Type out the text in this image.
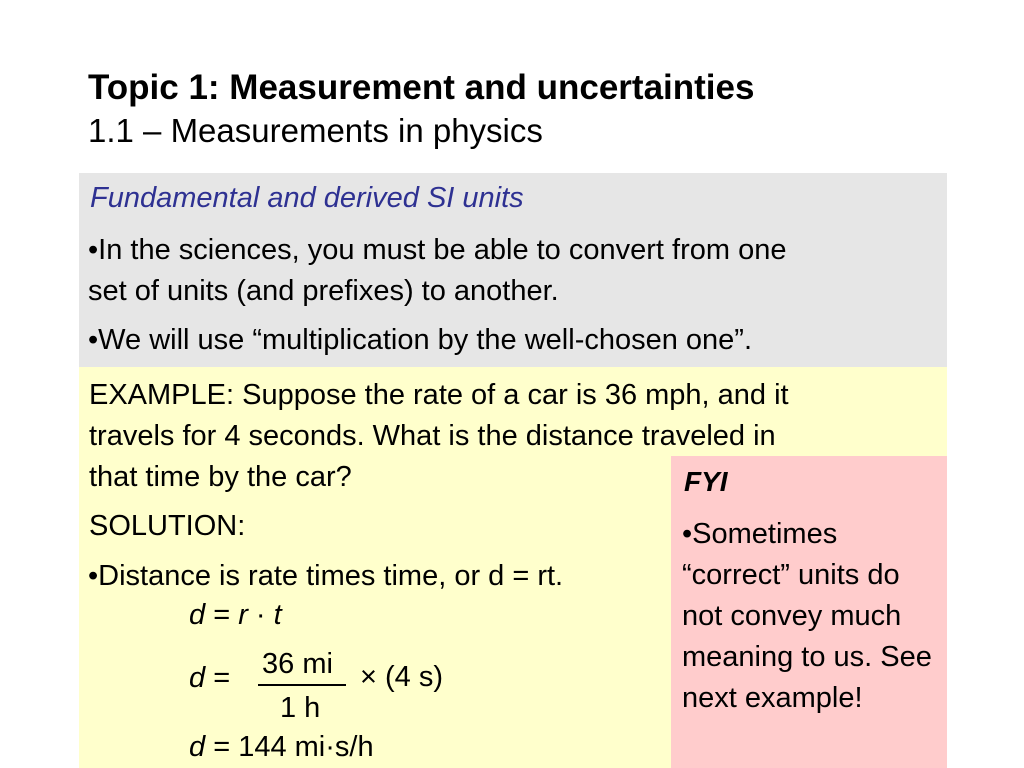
Topic 1: Measurement and uncertainties
1.1 – Measurements in physics
Fundamental and derived SI units
•In the sciences, you must be able to convert from one
set of units (and prefixes) to another.
•We will use “multiplication by the well-chosen one”.
EXAMPLE: Suppose the rate of a car is 36 mph, and it
travels for 4 seconds. What is the distance traveled in
that time by the car?
SOLUTION:
•Distance is rate times time, or d = rt.
d = r · t
d = 36 mi
1 h
× (4 s)
d = 144 mi·s/h
FYI
•Sometimes “correct” units do not convey much meaning to us. See next example!
